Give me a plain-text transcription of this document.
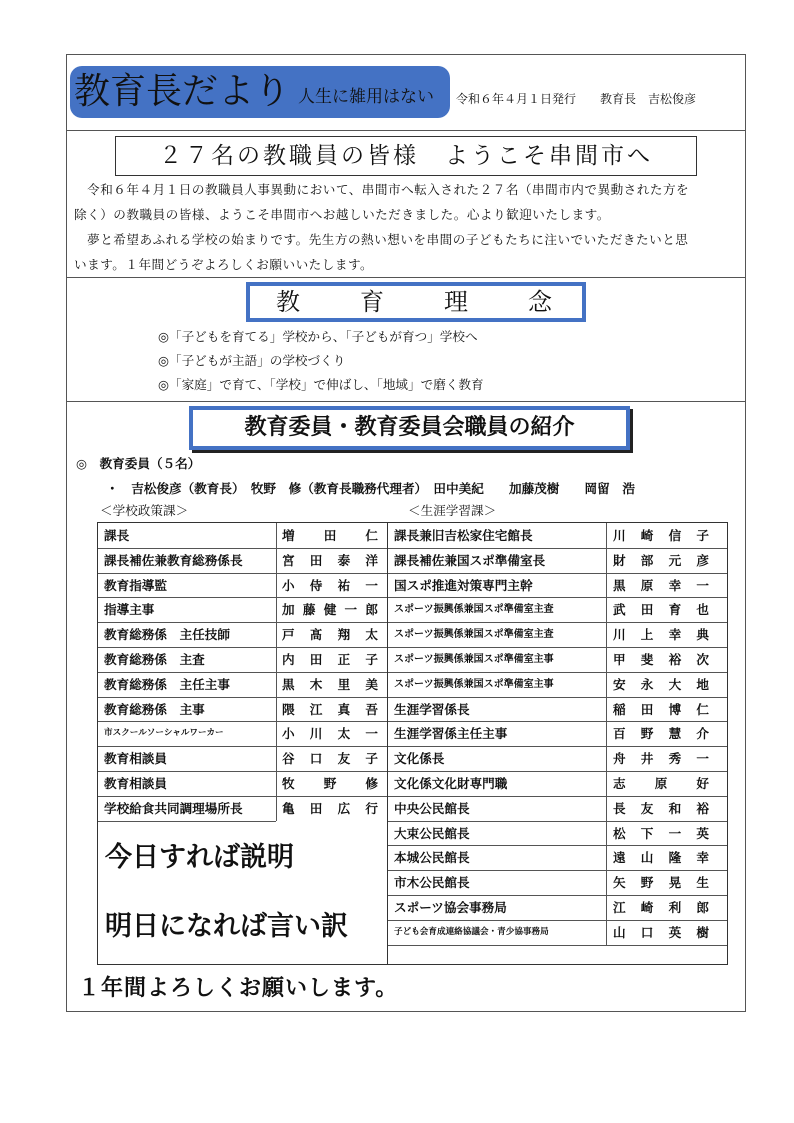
教育長だより 人生に雑用はない 令和６年４月１日発行　　教育長　吉松俊彦
２７名の教職員の皆様　ようこそ串間市へ
　令和６年４月１日の教職員人事異動において、串間市へ転入された２７名（串間市内で異動された方を
除く）の教職員の皆様、ようこそ串間市へお越しいただきました。心より歓迎いたします。
　夢と希望あふれる学校の始まりです。先生方の熱い想いを串間の子どもたちに注いでいただきたいと思
います。１年間どうぞよろしくお願いいたします。
教	育	理	念
◎「子どもを育てる」学校から、「子どもが育つ」学校へ
◎「子どもが主語」の学校づくり
◎「家庭」で育て、「学校」で伸ばし、「地域」で磨く教育
教育委員・教育委員会職員の紹介
◎　教育委員（５名）
・　吉松俊彦（教育長）　牧野　修（教育長職務代理者）　田中美紀　　加藤茂樹　　岡留　浩
＜学校政策課＞	＜生涯学習課＞
課長	増田仁
課長補佐兼教育総務係長	宮田泰洋
教育指導監	小侍祐一
指導主事	加藤健一郎
教育総務係　主任技師	戸髙翔太
教育総務係　主査	内田正子
教育総務係　主任主事	黒木里美
教育総務係　主事	隈江真吾
市スクールソーシャルワーカー	小川太一
教育相談員	谷口友子
教育相談員	牧野修
学校給食共同調理場所長	亀田広行
課長兼旧吉松家住宅館長	川崎信子
課長補佐兼国スポ準備室長	財部元彦
国スポ推進対策専門主幹	黒原幸一
スポーツ振興係兼国スポ準備室主査	武田育也
スポーツ振興係兼国スポ準備室主査	川上幸典
スポーツ振興係兼国スポ準備室主事	甲斐裕次
スポーツ振興係兼国スポ準備室主事	安永大地
生涯学習係長	稲田博仁
生涯学習係主任主事	百野慧介
文化係長	舟井秀一
文化係文化財専門職	志原好
中央公民館長	長友和裕
大束公民館長	松下一英
本城公民館長	遠山隆幸
市木公民館長	矢野晃生
スポーツ協会事務局	江崎利郎
子ども会育成連絡協議会・青少協事務局	山口英樹
今日すれば説明
明日になれば言い訳
１年間よろしくお願いします。
